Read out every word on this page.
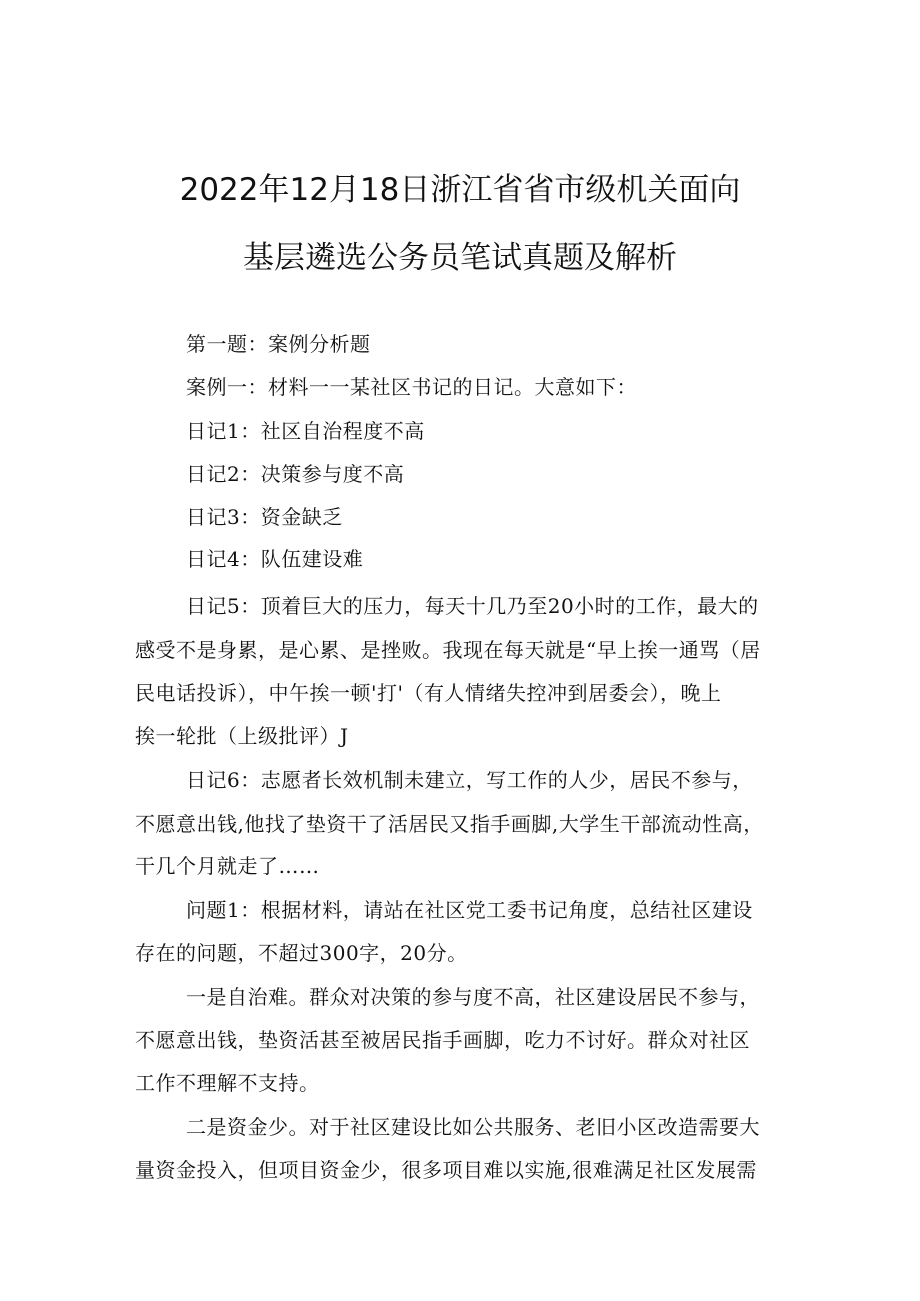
2022年12月18日浙江省省市级机关面向
基层遴选公务员笔试真题及解析
第一题：案例分析题
案例一：材料一一某社区书记的日记。大意如下：
日记1：社区自治程度不高
日记2：决策参与度不高
日记3：资金缺乏
日记4：队伍建设难
日记5：顶着巨大的压力，每天十几乃至20小时的工作，最大的
感受不是身累，是心累、是挫败。我现在每天就是“早上挨一通骂（居
民电话投诉），中午挨一顿'打'（有人情绪失控冲到居委会），晚上
挨一轮批（上级批评）J
日记6：志愿者长效机制未建立，写工作的人少，居民不参与，
不愿意出钱,他找了垫资干了活居民又指手画脚,大学生干部流动性高，
干几个月就走了……
问题1：根据材料，请站在社区党工委书记角度，总结社区建设
存在的问题，不超过300字，20分。
一是自治难。群众对决策的参与度不高，社区建设居民不参与，
不愿意出钱，垫资活甚至被居民指手画脚，吃力不讨好。群众对社区
工作不理解不支持。
二是资金少。对于社区建设比如公共服务、老旧小区改造需要大
量资金投入，但项目资金少，很多项目难以实施,很难满足社区发展需
